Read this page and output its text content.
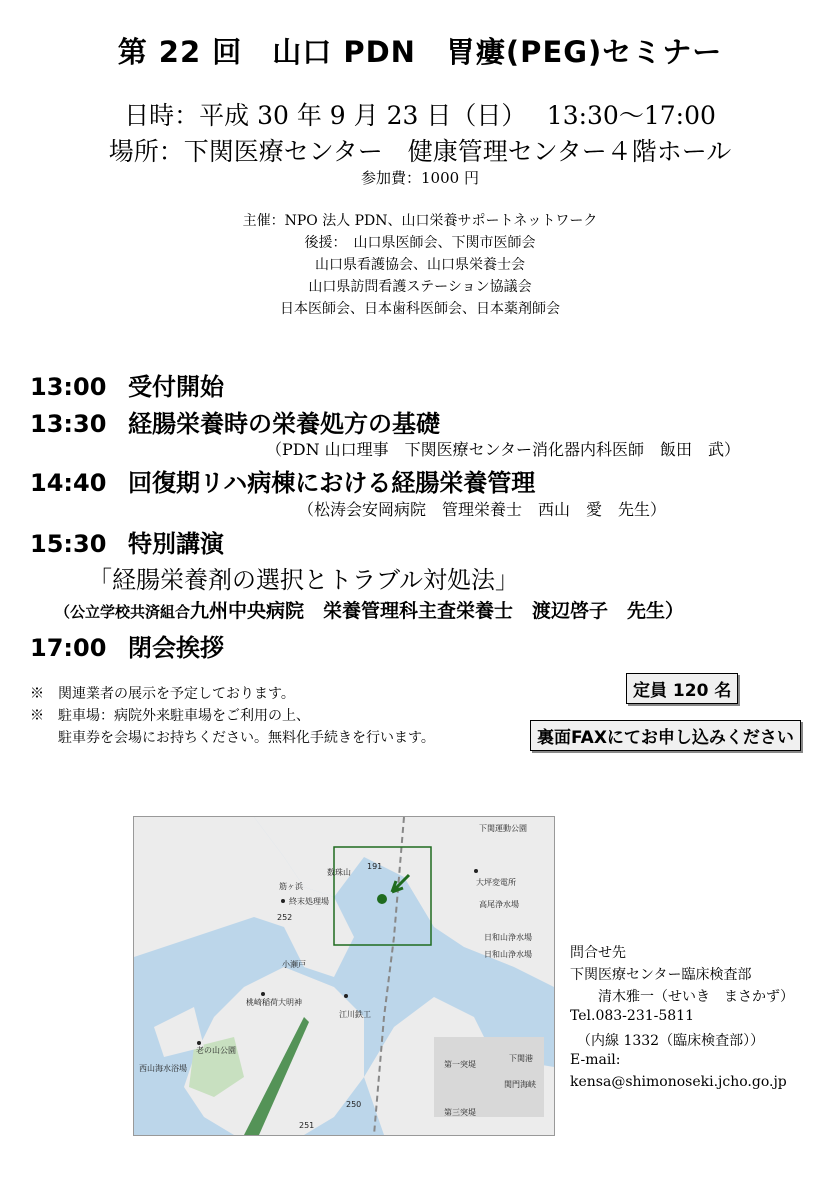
第 22 回　山口 PDN　胃瘻(PEG)セミナー
日時：平成 30 年 9 月 23 日（日）　 13:30〜17:00
場所：下関医療センター　健康管理センター４階ホール
参加費：1000 円
主催：NPO 法人 PDN、山口栄養サポートネットワーク
後援：　山口県医師会、下関市医師会
山口県看護協会、山口県栄養士会
山口県訪問看護ステーション協議会
日本医師会、日本歯科医師会、日本薬剤師会
13:00 受付開始
13:30 経腸栄養時の栄養処方の基礎
（PDN 山口理事　下関医療センター消化器内科医師　飯田　武）
14:40 回復期リハ病棟における経腸栄養管理
（松涛会安岡病院　管理栄養士　西山　愛　先生）
15:30 特別講演
「経腸栄養剤の選択とトラブル対処法」
（公立学校共済組合九州中央病院　栄養管理科主査栄養士　渡辺啓子　先生）
17:00 閉会挨拶
※　関連業者の展示を予定しております。
※　駐車場：病院外来駐車場をご利用の上、
　　駐車券を会場にお持ちください。無料化手続きを行います。
定員 120 名
裏面FAXにてお申し込みください
下関運動公園
数珠山
大坪変電所
高尾浄水場
日和山浄水場
日和山浄水場
筋ヶ浜
終末処理場
小瀬戸
桃崎稲荷大明神
江川鉄工
老の山公園
西山海水浴場	第一突堤
第三突堤
下関港
関門海峡
191
252
250
251
問合せ先
下関医療センター臨床検査部
　　清木雅一（せいき　まさかず）
Tel.083-231-5811
　（内線 1332（臨床検査部））
E-mail:
kensa@shimonoseki.jcho.go.jp
